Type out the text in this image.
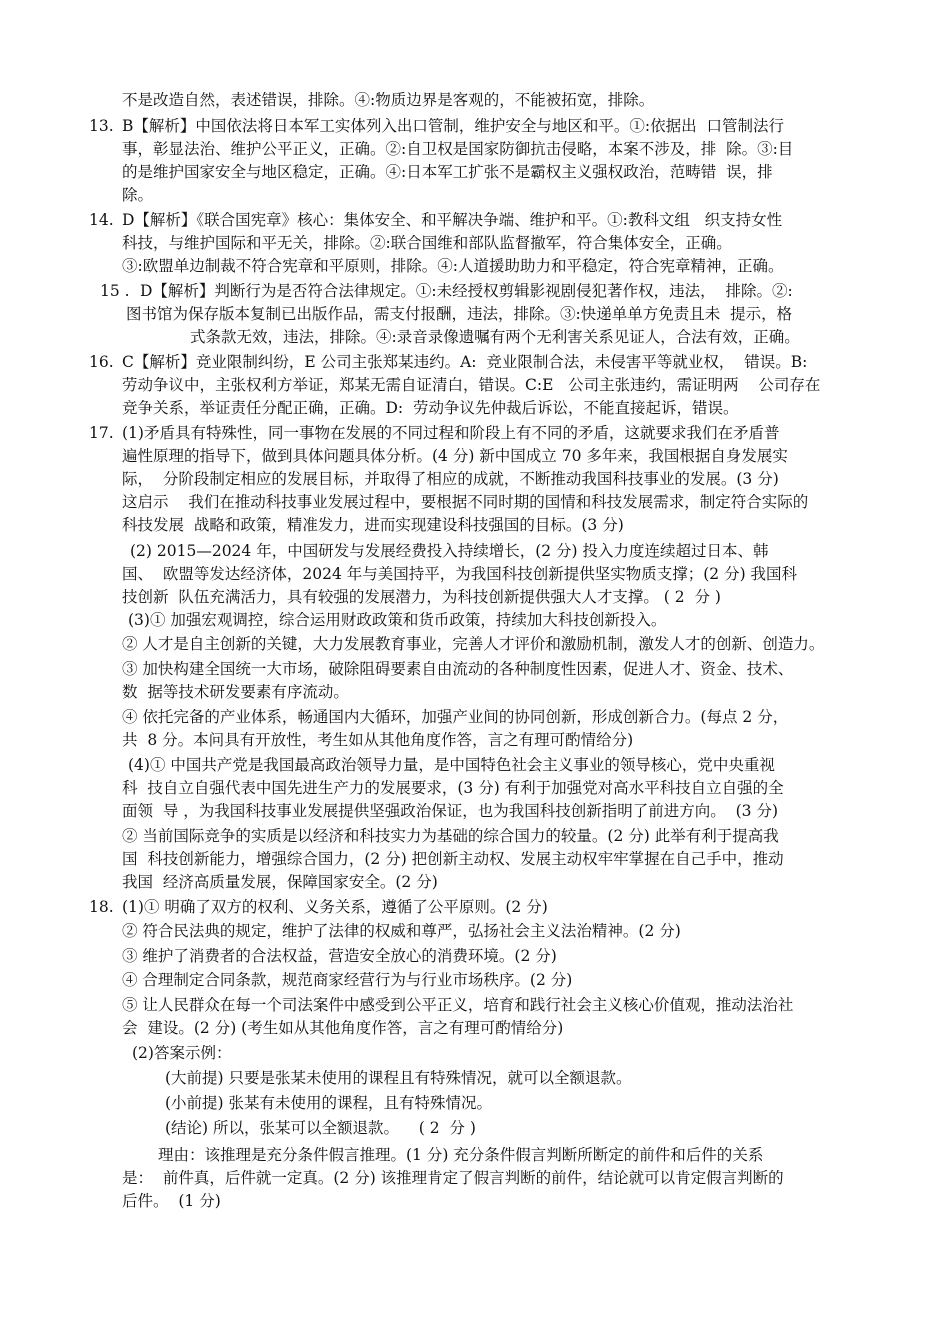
不是改造自然，表述错误，排除。④:物质边界是客观的，不能被拓宽，排除。
13. B【解析】中国依法将日本军工实体列入出口管制，维护安全与地区和平。①:依据出  口管制法行
事，彰显法治、维护公平正义，正确。②:自卫权是国家防御抗击侵略，本案不涉及，排  除。③:目
的是维护国家安全与地区稳定，正确。④:日本军工扩张不是霸权主义强权政治，范畴错  误，排
除。
14. D【解析】《联合国宪章》核心：集体安全、和平解决争端、维护和平。①:教科文组   织支持女性
科技，与维护国际和平无关，排除。②:联合国维和部队监督撤军，符合集体安全，正确。
③:欧盟单边制裁不符合宪章和平原则，排除。④:人道援助助力和平稳定，符合宪章精神，正确。
15 . D【解析】判断行为是否符合法律规定。①:未经授权剪辑影视剧侵犯著作权，违法，  排除。②:
图书馆为保存版本复制已出版作品，需支付报酬，违法，排除。③:快递单单方免责且未  提示，格
式条款无效，违法，排除。④:录音录像遗嘱有两个无利害关系见证人，合法有效，正确。
16. C【解析】竞业限制纠纷，E 公司主张郑某违约。A:  竞业限制合法，未侵害平等就业权，  错误。B:
劳动争议中，主张权利方举证，郑某无需自证清白，错误。C:E   公司主张违约，需证明两    公司存在
竞争关系，举证责任分配正确，正确。D:  劳动争议先仲裁后诉讼，不能直接起诉，错误。
17. (1)矛盾具有特殊性，同一事物在发展的不同过程和阶段上有不同的矛盾，这就要求我们在矛盾普
遍性原理的指导下，做到具体问题具体分析。(4 分) 新中国成立 70 多年来，我国根据自身发展实
际，  分阶段制定相应的发展目标，并取得了相应的成就，不断推动我国科技事业的发展。(3 分)
这启示    我们在推动科技事业发展过程中，要根据不同时期的国情和科技发展需求，制定符合实际的
科技发展  战略和政策，精准发力，进而实现建设科技强国的目标。(3 分)
(2) 2015—2024 年，中国研发与发展经费投入持续增长，(2 分) 投入力度连续超过日本、韩
国、  欧盟等发达经济体，2024 年与美国持平，为我国科技创新提供坚实物质支撑；(2 分) 我国科
技创新  队伍充满活力，具有较强的发展潜力，为科技创新提供强大人才支撑。 ( 2  分 )
(3)① 加强宏观调控，综合运用财政政策和货币政策，持续加大科技创新投入。
② 人才是自主创新的关键，大力发展教育事业，完善人才评价和激励机制，激发人才的创新、创造力。
③ 加快构建全国统一大市场，破除阻碍要素自由流动的各种制度性因素，促进人才、资金、技术、
数  据等技术研发要素有序流动。
④ 依托完备的产业体系，畅通国内大循环，加强产业间的协同创新，形成创新合力。(每点 2 分，
共  8 分。本问具有开放性，考生如从其他角度作答，言之有理可酌情给分)
(4)① 中国共产党是我国最高政治领导力量，是中国特色社会主义事业的领导核心，党中央重视
科  技自立自强代表中国先进生产力的发展要求，(3 分) 有利于加强党对高水平科技自立自强的全
面领  导 ，为我国科技事业发展提供坚强政治保证，也为我国科技创新指明了前进方向。  (3 分)
② 当前国际竞争的实质是以经济和科技实力为基础的综合国力的较量。(2 分) 此举有利于提高我
国  科技创新能力，增强综合国力，(2 分) 把创新主动权、发展主动权牢牢掌握在自己手中，推动
我国  经济高质量发展，保障国家安全。(2 分)
18. (1)① 明确了双方的权利、义务关系，遵循了公平原则。(2 分)
② 符合民法典的规定，维护了法律的权威和尊严，弘扬社会主义法治精神。(2 分)
③ 维护了消费者的合法权益，营造安全放心的消费环境。(2 分)
④ 合理制定合同条款，规范商家经营行为与行业市场秩序。(2 分)
⑤ 让人民群众在每一个司法案件中感受到公平正义，培育和践行社会主义核心价值观，推动法治社
会  建设。(2 分) (考生如从其他角度作答，言之有理可酌情给分)
(2)答案示例：
(大前提) 只要是张某未使用的课程且有特殊情况，就可以全额退款。
(小前提) 张某有未使用的课程，且有特殊情况。
(结论) 所以，张某可以全额退款。    ( 2  分 )
理由：该推理是充分条件假言推理。(1 分) 充分条件假言判断所断定的前件和后件的关系
是：  前件真，后件就一定真。(2 分) 该推理肯定了假言判断的前件，结论就可以肯定假言判断的
后件。  (1 分)
